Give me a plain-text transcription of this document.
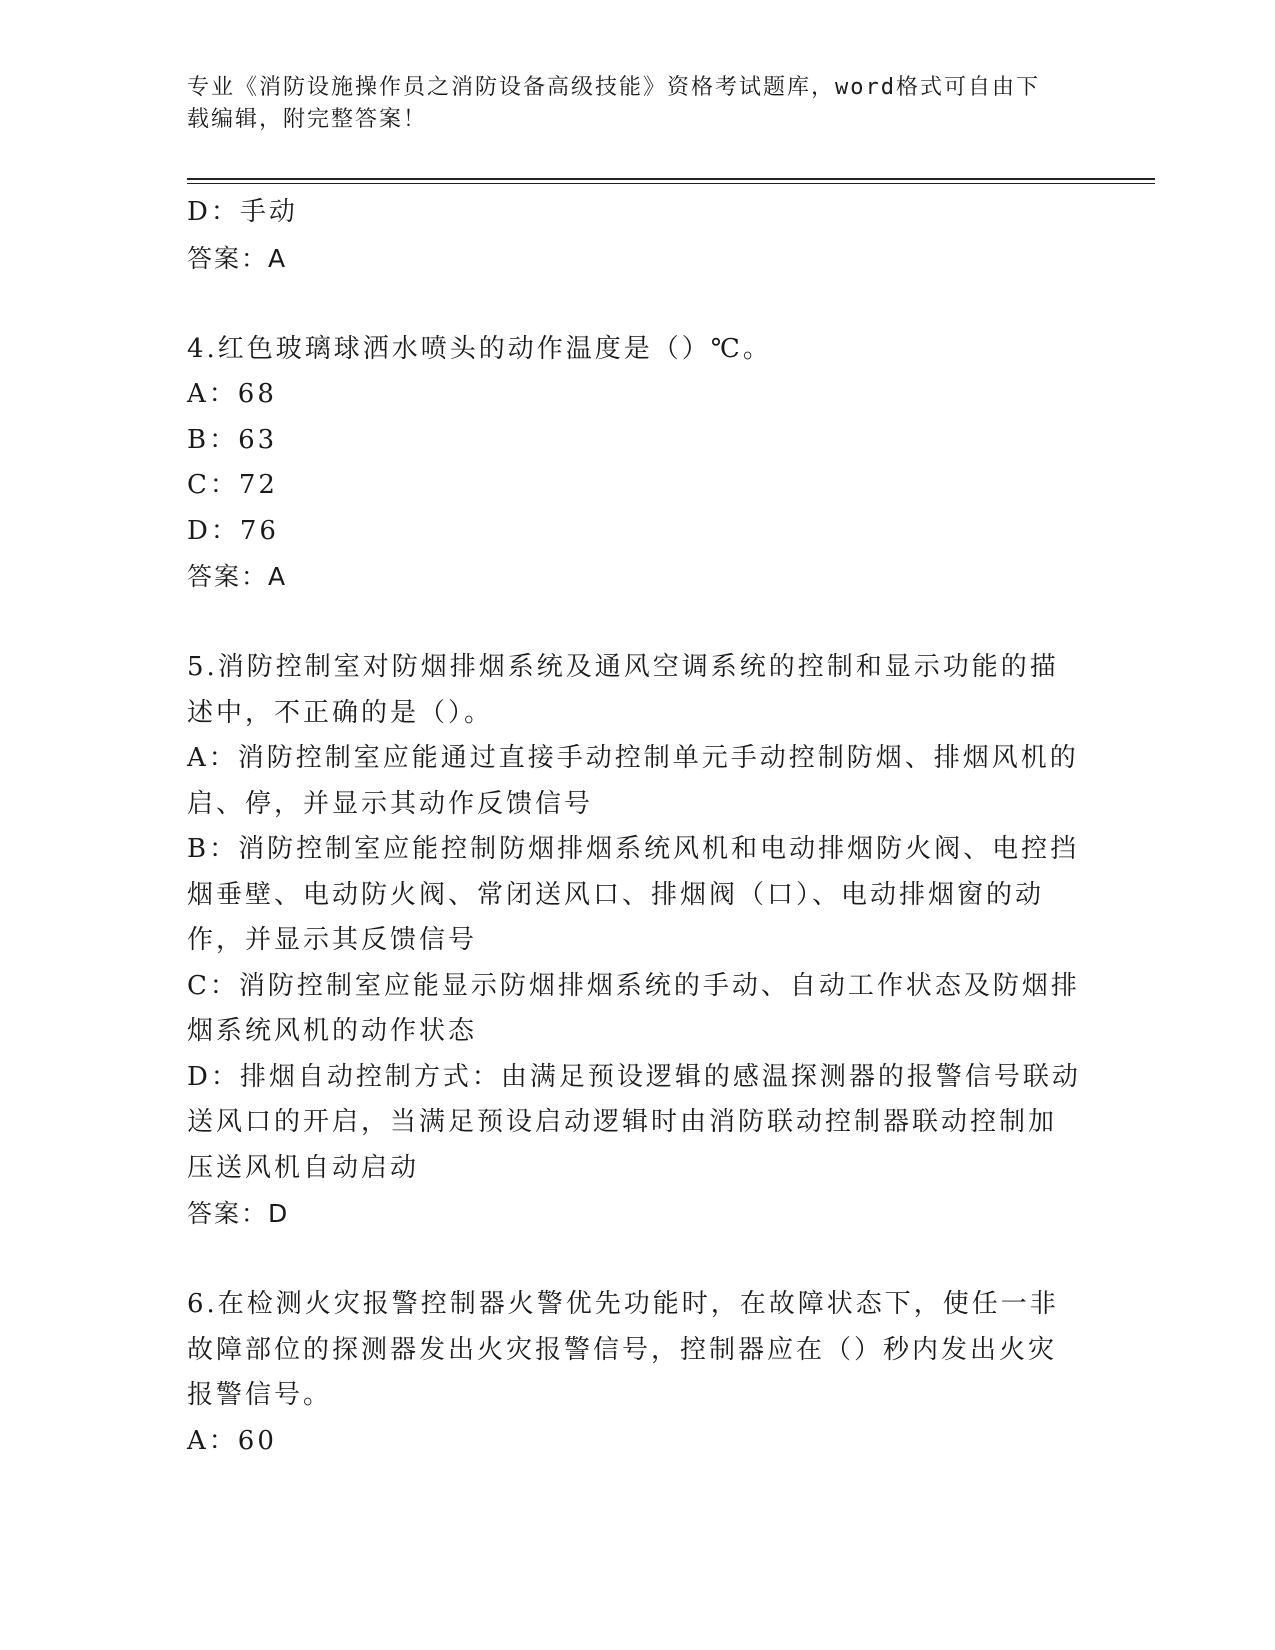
专业《消防设施操作员之消防设备高级技能》资格考试题库，word格式可自由下
载编辑，附完整答案！
D：手动
答案：A
4.红色玻璃球洒水喷头的动作温度是（）℃。
A：68
B：63
C：72
D：76
答案：A
5.消防控制室对防烟排烟系统及通风空调系统的控制和显示功能的描
述中，不正确的是（）。
A：消防控制室应能通过直接手动控制单元手动控制防烟、排烟风机的
启、停，并显示其动作反馈信号
B：消防控制室应能控制防烟排烟系统风机和电动排烟防火阀、电控挡
烟垂壁、电动防火阀、常闭送风口、排烟阀（口）、电动排烟窗的动
作，并显示其反馈信号
C：消防控制室应能显示防烟排烟系统的手动、自动工作状态及防烟排
烟系统风机的动作状态
D：排烟自动控制方式：由满足预设逻辑的感温探测器的报警信号联动
送风口的开启，当满足预设启动逻辑时由消防联动控制器联动控制加
压送风机自动启动
答案：D
6.在检测火灾报警控制器火警优先功能时，在故障状态下，使任一非
故障部位的探测器发出火灾报警信号，控制器应在（）秒内发出火灾
报警信号。
A：60
